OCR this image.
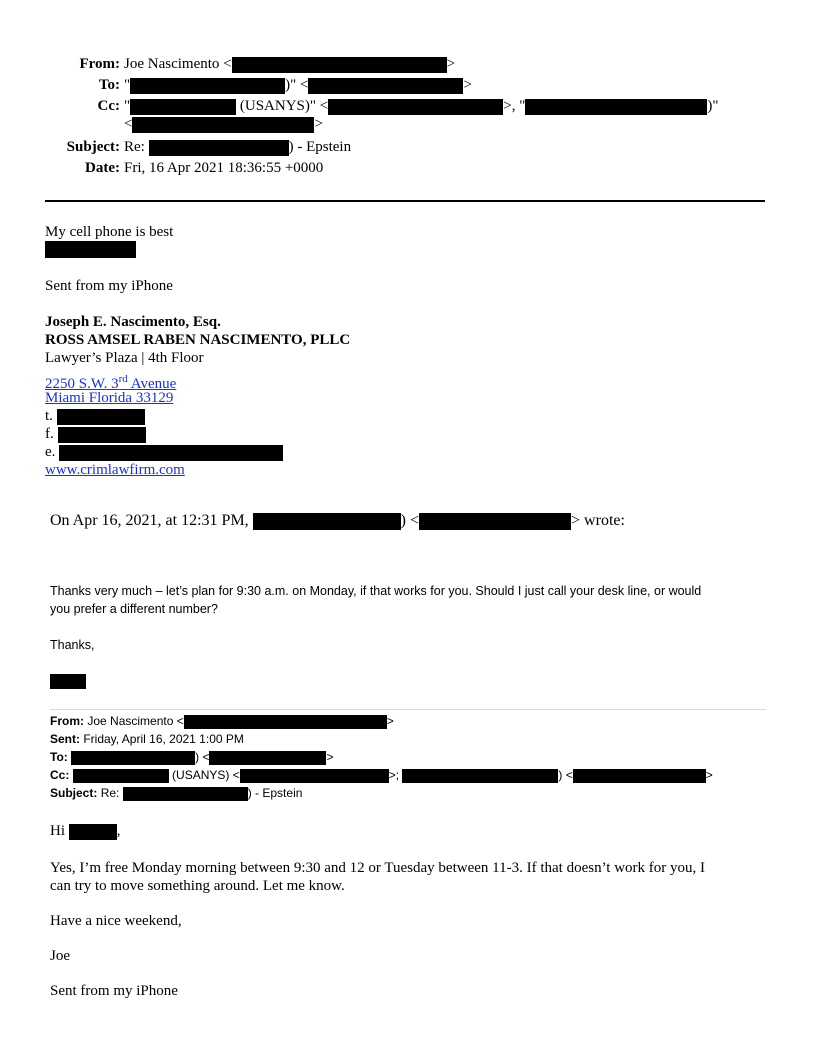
From: Joe Nascimento <	>
To: "	)" <	>
Cc: "	(USANYS)" <	>, "	)"
<	>
Subject: Re:	) - Epstein
Date: Fri, 16 Apr 2021 18:36:55 +0000
My cell phone is best
Sent from my iPhone
Joseph E. Nascimento, Esq.
ROSS AMSEL RABEN NASCIMENTO, PLLC
Lawyer’s Plaza | 4th Floor
2250 S.W. 3rd Avenue
Miami Florida 33129
t.
f.
e.
www.crimlawfirm.com
On Apr 16, 2021, at 12:31 PM,	) <	> wrote:
Thanks very much – let’s plan for 9:30 a.m. on Monday, if that works for you. Should I just call your desk line, or would
you prefer a different number?
Thanks,
From: Joe Nascimento <	>
Sent: Friday, April 16, 2021 1:00 PM
To:	) <	>
Cc:	(USANYS) <	>;	) <	>
Subject: Re:	) - Epstein
Hi	,
Yes, I’m free Monday morning between 9:30 and 12 or Tuesday between 11-3. If that doesn’t work for you, I
can try to move something around. Let me know.
Have a nice weekend,
Joe
Sent from my iPhone
